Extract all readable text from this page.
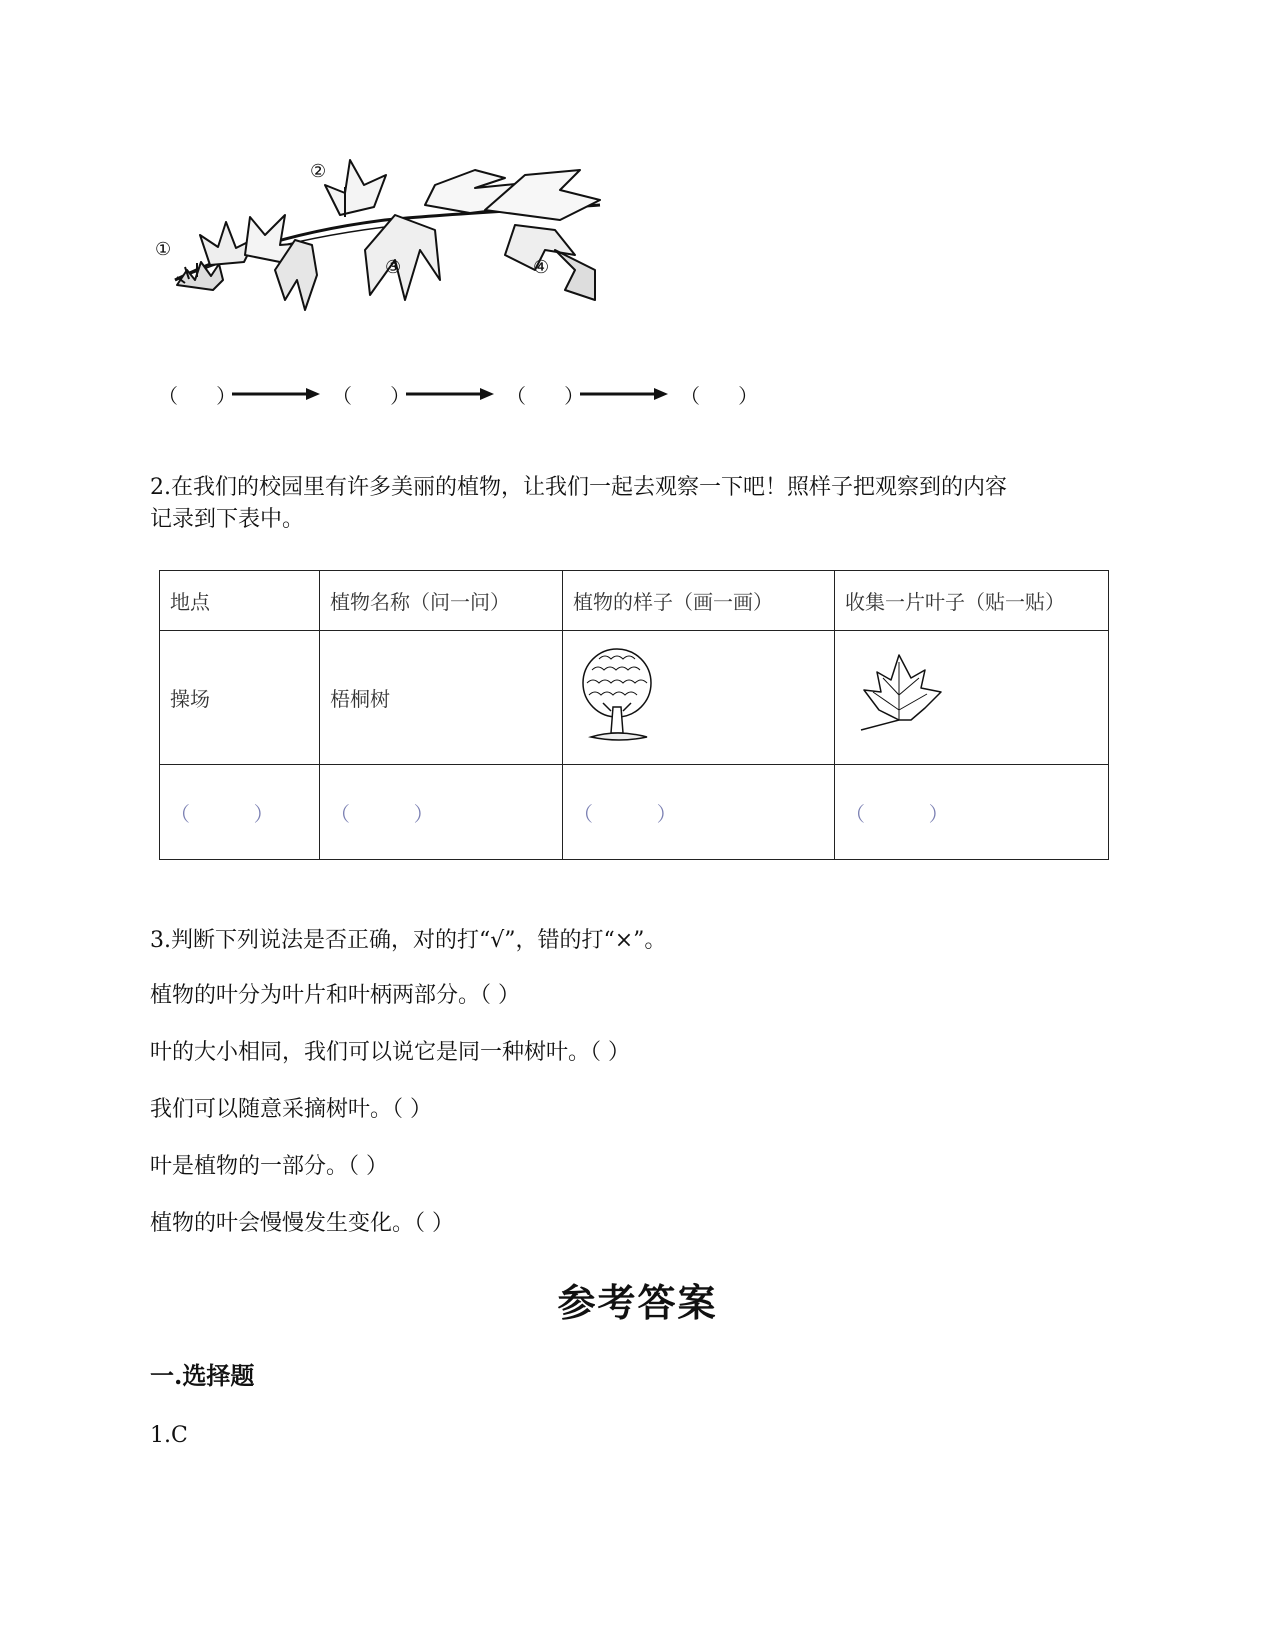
①
②
③	④
（      ）	（      ）	（      ）	（      ）
2.在我们的校园里有许多美丽的植物，让我们一起去观察一下吧！照样子把观察到的内容
记录到下表中。
地点	植物名称（问一问）	植物的样子（画一画）	收集一片叶子（贴一贴）
操场	梧桐树		
（          ）	（          ）	（          ）	（          ）
3.判断下列说法是否正确，对的打“√”，错的打“×”。
植物的叶分为叶片和叶柄两部分。（ ）
叶的大小相同，我们可以说它是同一种树叶。（ ）
我们可以随意采摘树叶。（ ）
叶是植物的一部分。（ ）
植物的叶会慢慢发生变化。（ ）
参考答案
一.选择题
1.C
